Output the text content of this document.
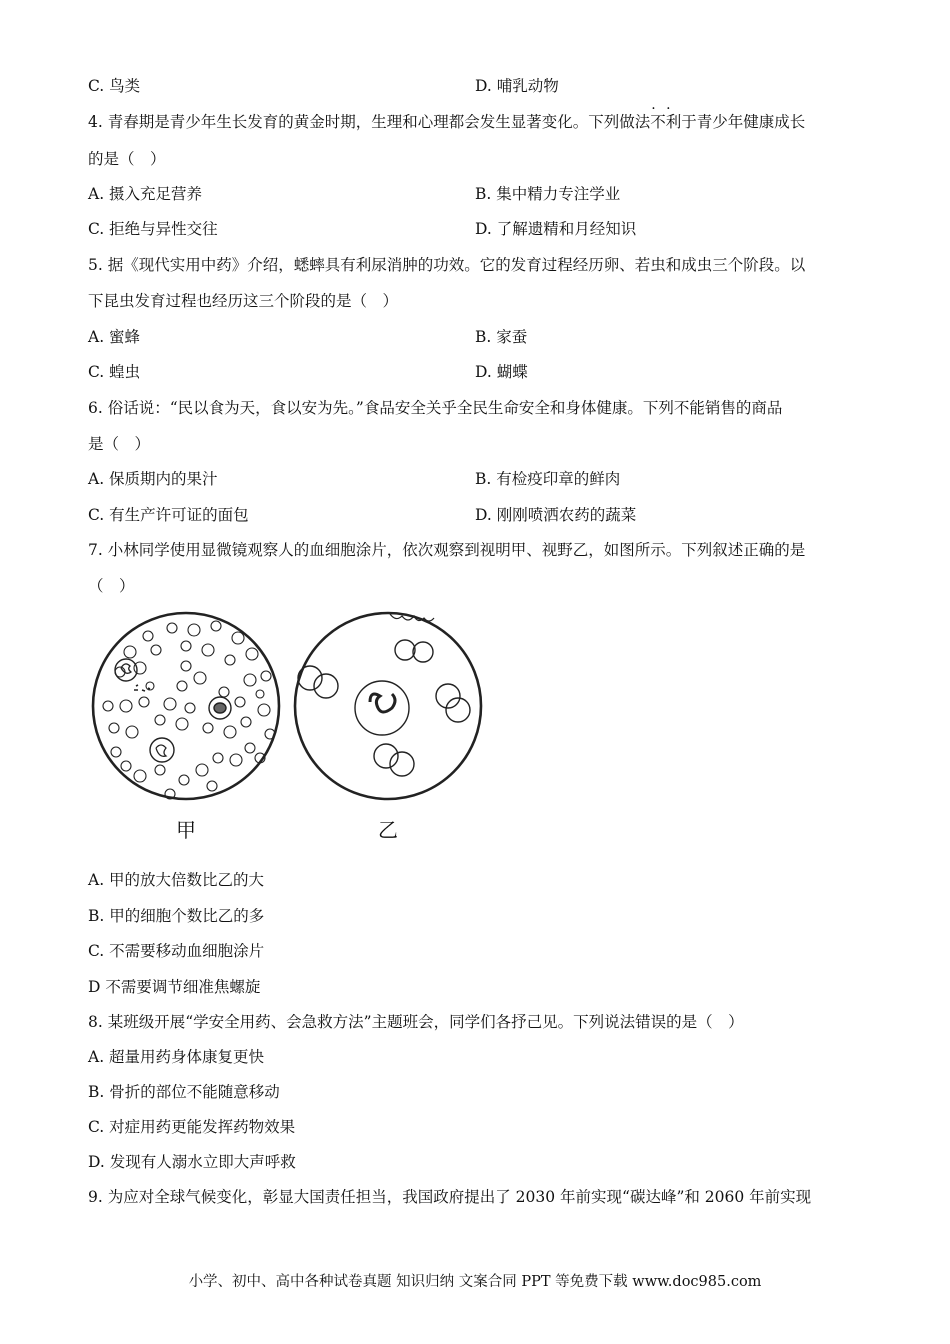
C. 鸟类	D. 哺乳动物
4. 青春期是青少年生长发育的黄金时期，生理和心理都会发生显著变化。下列做法· · 不利于青少年健康成长
的是（　）
A. 摄入充足营养	B. 集中精力专注学业
C. 拒绝与异性交往	D. 了解遗精和月经知识
5. 据《现代实用中药》介绍，蟋蟀具有利尿消肿的功效。它的发育过程经历卵、若虫和成虫三个阶段。以
下昆虫发育过程也经历这三个阶段的是（　）
A. 蜜蜂	B. 家蚕
C. 蝗虫	D. 蝴蝶
6. 俗话说：“民以食为天，食以安为先。”食品安全关乎全民生命安全和身体健康。下列不能销售的商品
是（　）
A. 保质期内的果汁	B. 有检疫印章的鲜肉
C. 有生产许可证的面包	D. 刚刚喷洒农药的蔬菜
7. 小林同学使用显微镜观察人的血细胞涂片，依次观察到视明甲、视野乙，如图所示。下列叙述正确的是
（　）
甲	乙
A. 甲的放大倍数比乙的大
B. 甲的细胞个数比乙的多
C. 不需要移动血细胞涂片
D 不需要调节细准焦螺旋
8. 某班级开展“学安全用药、会急救方法”主题班会，同学们各抒己见。下列说法错误的是（　）
A. 超量用药身体康复更快
B. 骨折的部位不能随意移动
C. 对症用药更能发挥药物效果
D. 发现有人溺水立即大声呼救
9. 为应对全球气候变化，彰显大国责任担当，我国政府提出了 2030 年前实现“碳达峰”和 2060 年前实现
小学、初中、高中各种试卷真题 知识归纳 文案合同 PPT 等免费下载 www.doc985.com
